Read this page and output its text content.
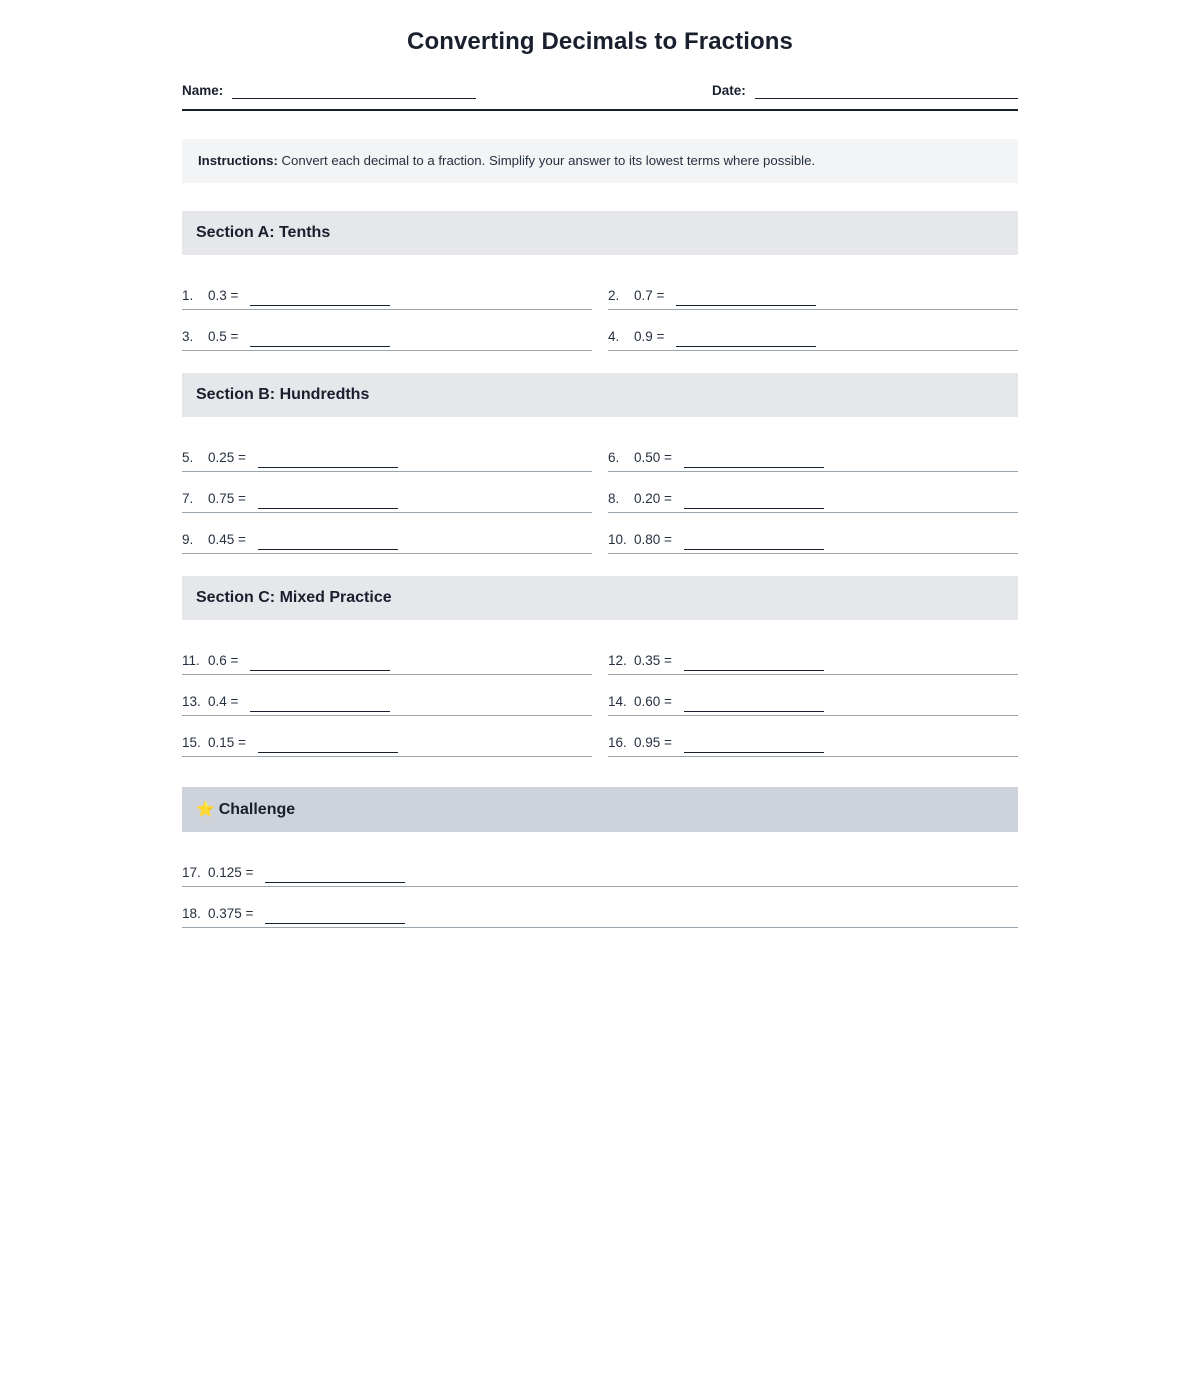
Converting Decimals to Fractions
Name:	Date:
Instructions: Convert each decimal to a fraction. Simplify your answer to its lowest terms where possible.
Section A: Tenths
1.	0.3 =	2.	0.7 =
3.	0.5 =	4.	0.9 =
Section B: Hundredths
5.	0.25 =	6.	0.50 =
7.	0.75 =	8.	0.20 =
9.	0.45 =	10. 0.80 =
Section C: Mixed Practice
11. 0.6 =	12. 0.35 =
13. 0.4 =	14. 0.60 =
15. 0.15 =	16. 0.95 =
⭐ Challenge
17. 0.125 =
18. 0.375 =
